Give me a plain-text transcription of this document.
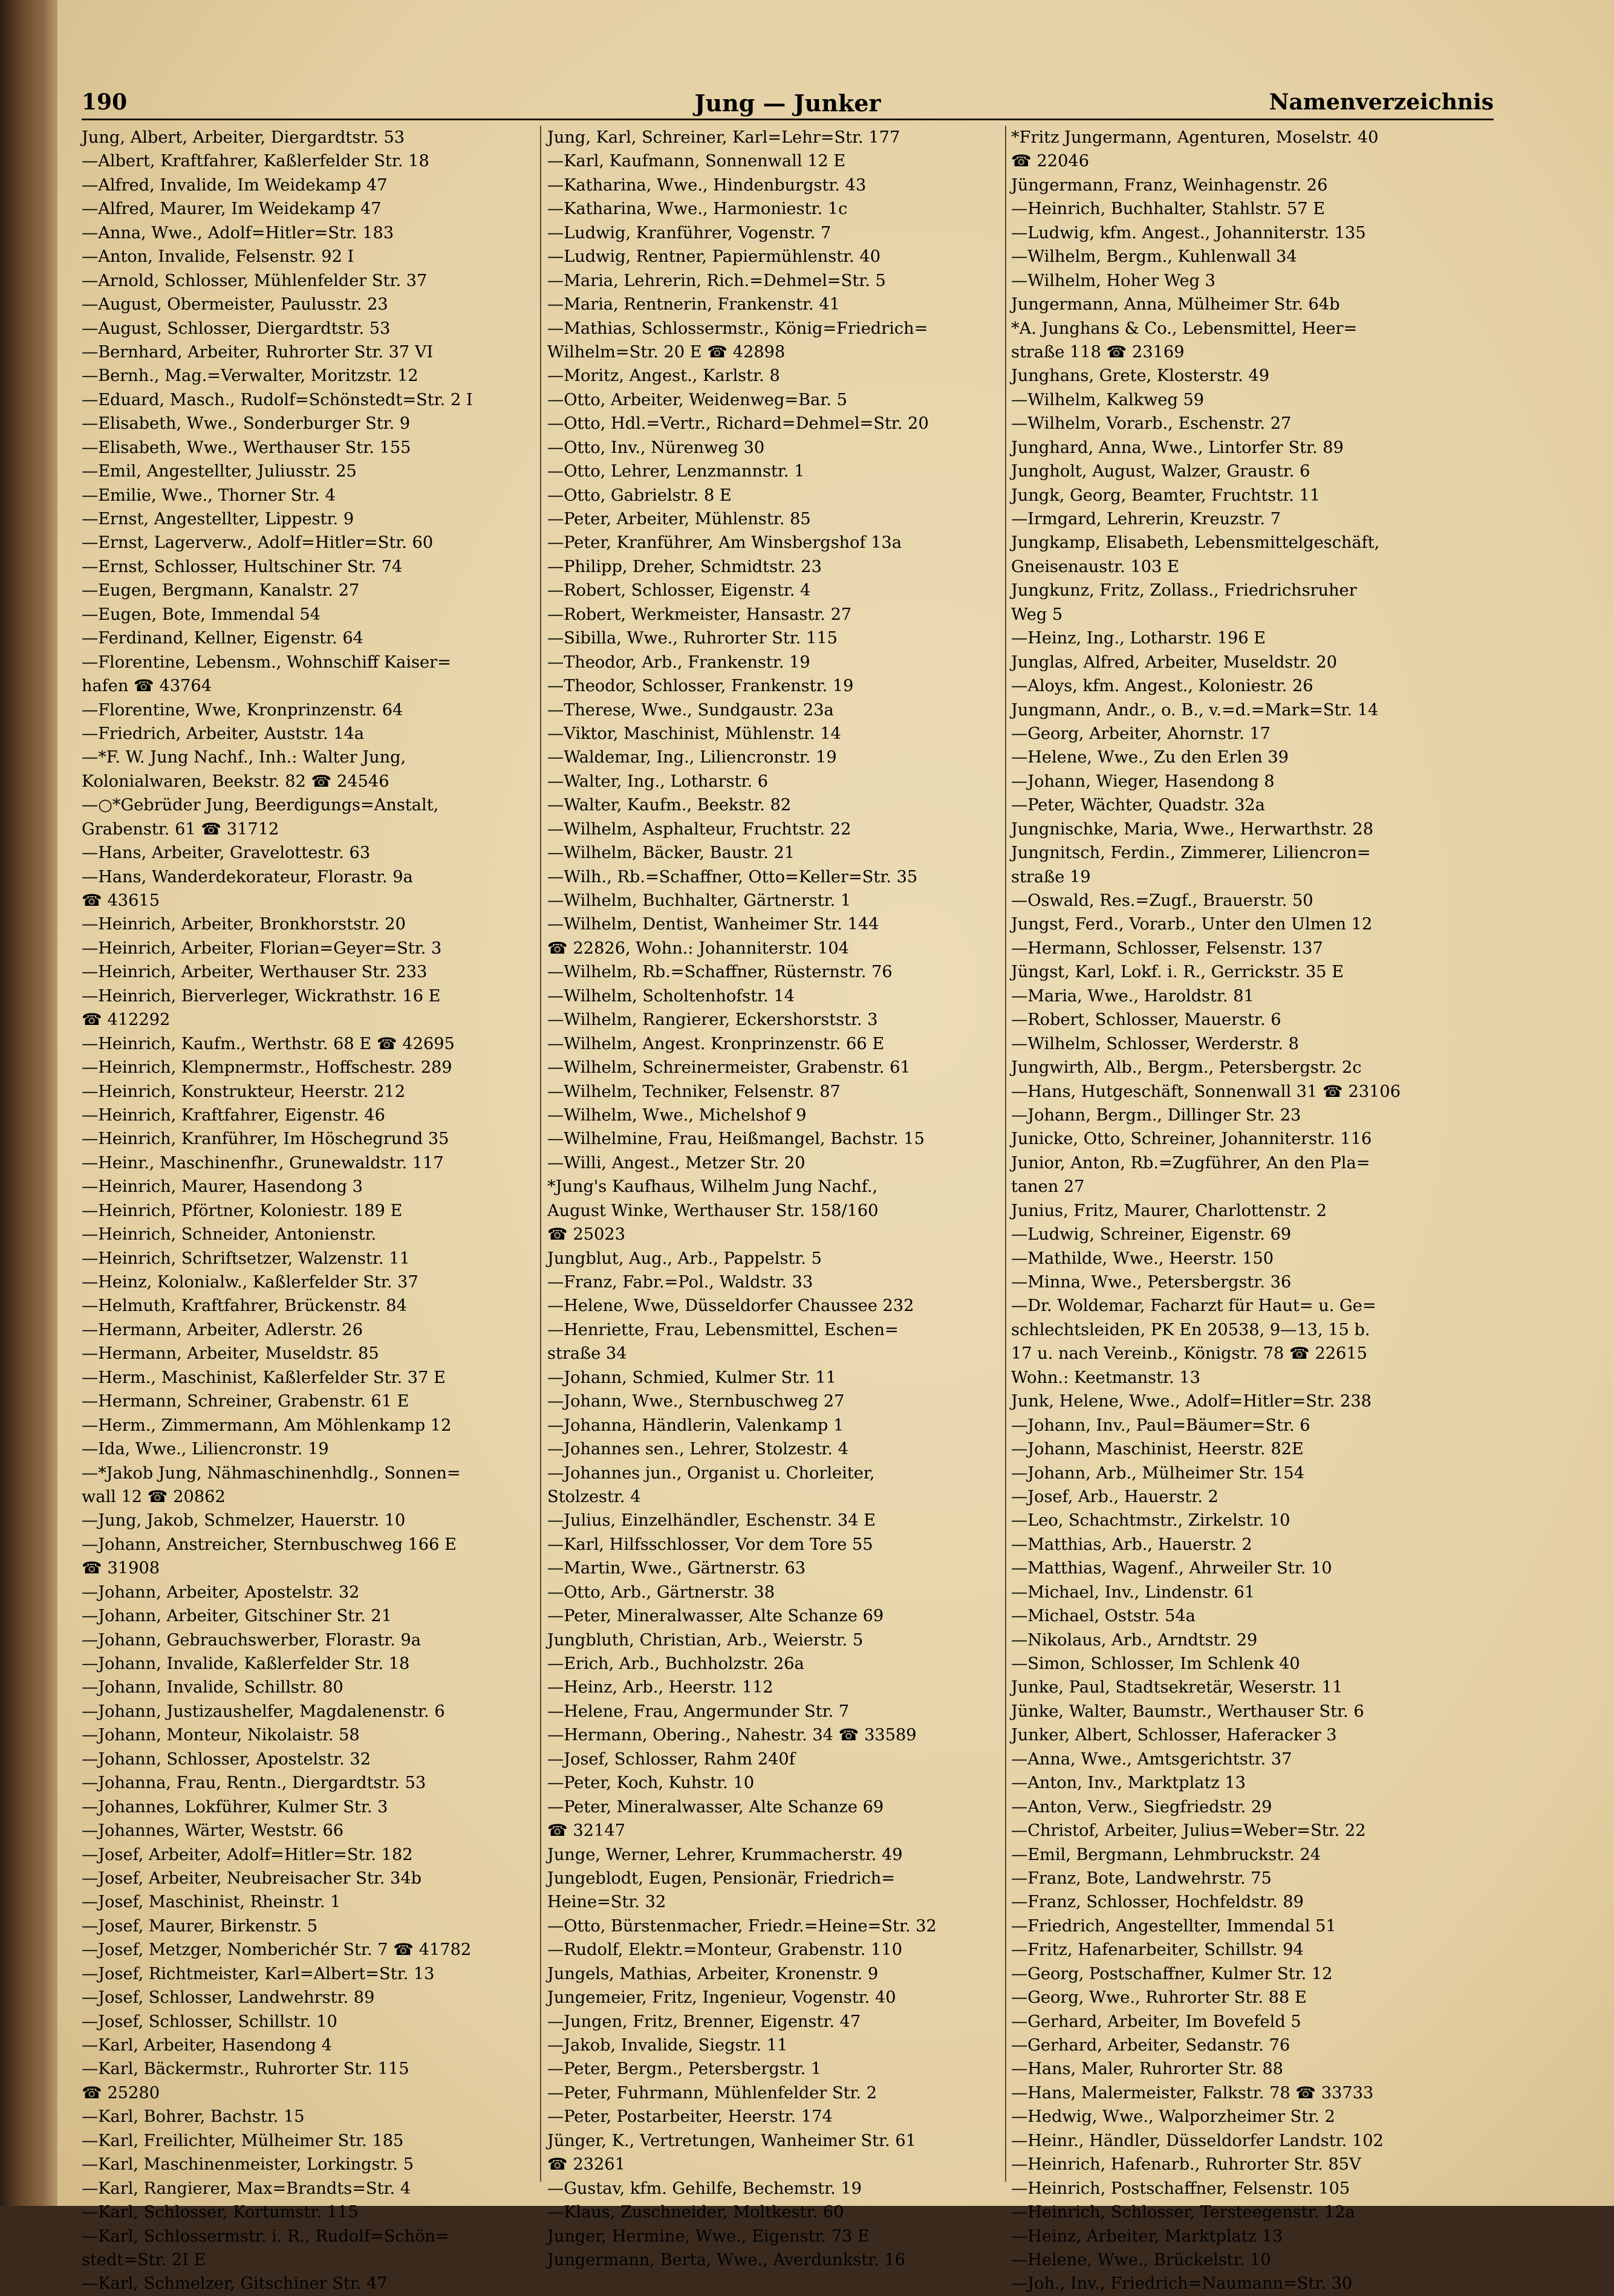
190	Jung — Junker	Namenverzeichnis
Jung, Albert, Arbeiter, Diergardtstr. 53
—Albert, Kraftfahrer, Kaßlerfelder Str. 18
—Alfred, Invalide, Im Weidekamp 47
—Alfred, Maurer, Im Weidekamp 47
—Anna, Wwe., Adolf=Hitler=Str. 183
—Anton, Invalide, Felsenstr. 92 I
—Arnold, Schlosser, Mühlenfelder Str. 37
—August, Obermeister, Paulusstr. 23
—August, Schlosser, Diergardtstr. 53
—Bernhard, Arbeiter, Ruhrorter Str. 37 VI
—Bernh., Mag.=Verwalter, Moritzstr. 12
—Eduard, Masch., Rudolf=Schönstedt=Str. 2 I
—Elisabeth, Wwe., Sonderburger Str. 9
—Elisabeth, Wwe., Werthauser Str. 155
—Emil, Angestellter, Juliusstr. 25
—Emilie, Wwe., Thorner Str. 4
—Ernst, Angestellter, Lippestr. 9
—Ernst, Lagerverw., Adolf=Hitler=Str. 60
—Ernst, Schlosser, Hultschiner Str. 74
—Eugen, Bergmann, Kanalstr. 27
—Eugen, Bote, Immendal 54
—Ferdinand, Kellner, Eigenstr. 64
—Florentine, Lebensm., Wohnschiff Kaiser=
hafen ☎ 43764
—Florentine, Wwe, Kronprinzenstr. 64
—Friedrich, Arbeiter, Auststr. 14a
—*F. W. Jung Nachf., Inh.: Walter Jung,
Kolonialwaren, Beekstr. 82 ☎ 24546
—○*Gebrüder Jung, Beerdigungs=Anstalt,
Grabenstr. 61 ☎ 31712
—Hans, Arbeiter, Gravelottestr. 63
—Hans, Wanderdekorateur, Florastr. 9a
☎ 43615
—Heinrich, Arbeiter, Bronkhorststr. 20
—Heinrich, Arbeiter, Florian=Geyer=Str. 3
—Heinrich, Arbeiter, Werthauser Str. 233
—Heinrich, Bierverleger, Wickrathstr. 16 E
☎ 412292
—Heinrich, Kaufm., Werthstr. 68 E ☎ 42695
—Heinrich, Klempnermstr., Hoffschestr. 289
—Heinrich, Konstrukteur, Heerstr. 212
—Heinrich, Kraftfahrer, Eigenstr. 46
—Heinrich, Kranführer, Im Höschegrund 35
—Heinr., Maschinenfhr., Grunewaldstr. 117
—Heinrich, Maurer, Hasendong 3
—Heinrich, Pförtner, Koloniestr. 189 E
—Heinrich, Schneider, Antonienstr.
—Heinrich, Schriftsetzer, Walzenstr. 11
—Heinz, Kolonialw., Kaßlerfelder Str. 37
—Helmuth, Kraftfahrer, Brückenstr. 84
—Hermann, Arbeiter, Adlerstr. 26
—Hermann, Arbeiter, Museldstr. 85
—Herm., Maschinist, Kaßlerfelder Str. 37 E
—Hermann, Schreiner, Grabenstr. 61 E
—Herm., Zimmermann, Am Möhlenkamp 12
—Ida, Wwe., Liliencronstr. 19
—*Jakob Jung, Nähmaschinenhdlg., Sonnen=
wall 12 ☎ 20862
—Jung, Jakob, Schmelzer, Hauerstr. 10
—Johann, Anstreicher, Sternbuschweg 166 E
☎ 31908
—Johann, Arbeiter, Apostelstr. 32
—Johann, Arbeiter, Gitschiner Str. 21
—Johann, Gebrauchswerber, Florastr. 9a
—Johann, Invalide, Kaßlerfelder Str. 18
—Johann, Invalide, Schillstr. 80
—Johann, Justizaushelfer, Magdalenenstr. 6
—Johann, Monteur, Nikolaistr. 58
—Johann, Schlosser, Apostelstr. 32
—Johanna, Frau, Rentn., Diergardtstr. 53
—Johannes, Lokführer, Kulmer Str. 3
—Johannes, Wärter, Weststr. 66
—Josef, Arbeiter, Adolf=Hitler=Str. 182
—Josef, Arbeiter, Neubreisacher Str. 34b
—Josef, Maschinist, Rheinstr. 1
—Josef, Maurer, Birkenstr. 5
—Josef, Metzger, Nomberichér Str. 7 ☎ 41782
—Josef, Richtmeister, Karl=Albert=Str. 13
—Josef, Schlosser, Landwehrstr. 89
—Josef, Schlosser, Schillstr. 10
—Karl, Arbeiter, Hasendong 4
—Karl, Bäckermstr., Ruhrorter Str. 115
☎ 25280
—Karl, Bohrer, Bachstr. 15
—Karl, Freilichter, Mülheimer Str. 185
—Karl, Maschinenmeister, Lorkingstr. 5
—Karl, Rangierer, Max=Brandts=Str. 4
—Karl, Schlosser, Kortumstr. 115
—Karl, Schlossermstr. i. R., Rudolf=Schön=
stedt=Str. 2I E
—Karl, Schmelzer, Gitschiner Str. 47
Jung, Karl, Schreiner, Karl=Lehr=Str. 177
—Karl, Kaufmann, Sonnenwall 12 E
—Katharina, Wwe., Hindenburgstr. 43
—Katharina, Wwe., Harmoniestr. 1c
—Ludwig, Kranführer, Vogenstr. 7
—Ludwig, Rentner, Papiermühlenstr. 40
—Maria, Lehrerin, Rich.=Dehmel=Str. 5
—Maria, Rentnerin, Frankenstr. 41
—Mathias, Schlossermstr., König=Friedrich=
Wilhelm=Str. 20 E ☎ 42898
—Moritz, Angest., Karlstr. 8
—Otto, Arbeiter, Weidenweg=Bar. 5
—Otto, Hdl.=Vertr., Richard=Dehmel=Str. 20
—Otto, Inv., Nürenweg 30
—Otto, Lehrer, Lenzmannstr. 1
—Otto, Gabrielstr. 8 E
—Peter, Arbeiter, Mühlenstr. 85
—Peter, Kranführer, Am Winsbergshof 13a
—Philipp, Dreher, Schmidtstr. 23
—Robert, Schlosser, Eigenstr. 4
—Robert, Werkmeister, Hansastr. 27
—Sibilla, Wwe., Ruhrorter Str. 115
—Theodor, Arb., Frankenstr. 19
—Theodor, Schlosser, Frankenstr. 19
—Therese, Wwe., Sundgaustr. 23a
—Viktor, Maschinist, Mühlenstr. 14
—Waldemar, Ing., Liliencronstr. 19
—Walter, Ing., Lotharstr. 6
—Walter, Kaufm., Beekstr. 82
—Wilhelm, Asphalteur, Fruchtstr. 22
—Wilhelm, Bäcker, Baustr. 21
—Wilh., Rb.=Schaffner, Otto=Keller=Str. 35
—Wilhelm, Buchhalter, Gärtnerstr. 1
—Wilhelm, Dentist, Wanheimer Str. 144
☎ 22826, Wohn.: Johanniterstr. 104
—Wilhelm, Rb.=Schaffner, Rüsternstr. 76
—Wilhelm, Scholtenhofstr. 14
—Wilhelm, Rangierer, Eckershorststr. 3
—Wilhelm, Angest. Kronprinzenstr. 66 E
—Wilhelm, Schreinermeister, Grabenstr. 61
—Wilhelm, Techniker, Felsenstr. 87
—Wilhelm, Wwe., Michelshof 9
—Wilhelmine, Frau, Heißmangel, Bachstr. 15
—Willi, Angest., Metzer Str. 20
*Jung's Kaufhaus, Wilhelm Jung Nachf.,
August Winke, Werthauser Str. 158/160
☎ 25023
Jungblut, Aug., Arb., Pappelstr. 5
—Franz, Fabr.=Pol., Waldstr. 33
—Helene, Wwe, Düsseldorfer Chaussee 232
—Henriette, Frau, Lebensmittel, Eschen=
straße 34
—Johann, Schmied, Kulmer Str. 11
—Johann, Wwe., Sternbuschweg 27
—Johanna, Händlerin, Valenkamp 1
—Johannes sen., Lehrer, Stolzestr. 4
—Johannes jun., Organist u. Chorleiter,
Stolzestr. 4
—Julius, Einzelhändler, Eschenstr. 34 E
—Karl, Hilfsschlosser, Vor dem Tore 55
—Martin, Wwe., Gärtnerstr. 63
—Otto, Arb., Gärtnerstr. 38
—Peter, Mineralwasser, Alte Schanze 69
Jungbluth, Christian, Arb., Weierstr. 5
—Erich, Arb., Buchholzstr. 26a
—Heinz, Arb., Heerstr. 112
—Helene, Frau, Angermunder Str. 7
—Hermann, Obering., Nahestr. 34 ☎ 33589
—Josef, Schlosser, Rahm 240f
—Peter, Koch, Kuhstr. 10
—Peter, Mineralwasser, Alte Schanze 69
☎ 32147
Junge, Werner, Lehrer, Krummacherstr. 49
Jungeblodt, Eugen, Pensionär, Friedrich=
Heine=Str. 32
—Otto, Bürstenmacher, Friedr.=Heine=Str. 32
—Rudolf, Elektr.=Monteur, Grabenstr. 110
Jungels, Mathias, Arbeiter, Kronenstr. 9
Jungemeier, Fritz, Ingenieur, Vogenstr. 40
—Jungen, Fritz, Brenner, Eigenstr. 47
—Jakob, Invalide, Siegstr. 11
—Peter, Bergm., Petersbergstr. 1
—Peter, Fuhrmann, Mühlenfelder Str. 2
—Peter, Postarbeiter, Heerstr. 174
Jünger, K., Vertretungen, Wanheimer Str. 61
☎ 23261
—Gustav, kfm. Gehilfe, Bechemstr. 19
—Klaus, Zuschneider, Moltkestr. 60
Junger, Hermine, Wwe., Eigenstr. 73 E
Jungermann, Berta, Wwe., Averdunkstr. 16
*Fritz Jungermann, Agenturen, Moselstr. 40
☎ 22046
Jüngermann, Franz, Weinhagenstr. 26
—Heinrich, Buchhalter, Stahlstr. 57 E
—Ludwig, kfm. Angest., Johanniterstr. 135
—Wilhelm, Bergm., Kuhlenwall 34
—Wilhelm, Hoher Weg 3
Jungermann, Anna, Mülheimer Str. 64b
*A. Junghans & Co., Lebensmittel, Heer=
straße 118 ☎ 23169
Junghans, Grete, Klosterstr. 49
—Wilhelm, Kalkweg 59
—Wilhelm, Vorarb., Eschenstr. 27
Junghard, Anna, Wwe., Lintorfer Str. 89
Jungholt, August, Walzer, Graustr. 6
Jungk, Georg, Beamter, Fruchtstr. 11
—Irmgard, Lehrerin, Kreuzstr. 7
Jungkamp, Elisabeth, Lebensmittelgeschäft,
Gneisenaustr. 103 E
Jungkunz, Fritz, Zollass., Friedrichsruher
Weg 5
—Heinz, Ing., Lotharstr. 196 E
Junglas, Alfred, Arbeiter, Museldstr. 20
—Aloys, kfm. Angest., Koloniestr. 26
Jungmann, Andr., o. B., v.=d.=Mark=Str. 14
—Georg, Arbeiter, Ahornstr. 17
—Helene, Wwe., Zu den Erlen 39
—Johann, Wieger, Hasendong 8
—Peter, Wächter, Quadstr. 32a
Jungnischke, Maria, Wwe., Herwarthstr. 28
Jungnitsch, Ferdin., Zimmerer, Liliencron=
straße 19
—Oswald, Res.=Zugf., Brauerstr. 50
Jungst, Ferd., Vorarb., Unter den Ulmen 12
—Hermann, Schlosser, Felsenstr. 137
Jüngst, Karl, Lokf. i. R., Gerrickstr. 35 E
—Maria, Wwe., Haroldstr. 81
—Robert, Schlosser, Mauerstr. 6
—Wilhelm, Schlosser, Werderstr. 8
Jungwirth, Alb., Bergm., Petersbergstr. 2c
—Hans, Hutgeschäft, Sonnenwall 31 ☎ 23106
—Johann, Bergm., Dillinger Str. 23
Junicke, Otto, Schreiner, Johanniterstr. 116
Junior, Anton, Rb.=Zugführer, An den Pla=
tanen 27
Junius, Fritz, Maurer, Charlottenstr. 2
—Ludwig, Schreiner, Eigenstr. 69
—Mathilde, Wwe., Heerstr. 150
—Minna, Wwe., Petersbergstr. 36
—Dr. Woldemar, Facharzt für Haut= u. Ge=
schlechtsleiden, PK En 20538, 9—13, 15 b.
17 u. nach Vereinb., Königstr. 78 ☎ 22615
Wohn.: Keetmanstr. 13
Junk, Helene, Wwe., Adolf=Hitler=Str. 238
—Johann, Inv., Paul=Bäumer=Str. 6
—Johann, Maschinist, Heerstr. 82E
—Johann, Arb., Mülheimer Str. 154
—Josef, Arb., Hauerstr. 2
—Leo, Schachtmstr., Zirkelstr. 10
—Matthias, Arb., Hauerstr. 2
—Matthias, Wagenf., Ahrweiler Str. 10
—Michael, Inv., Lindenstr. 61
—Michael, Oststr. 54a
—Nikolaus, Arb., Arndtstr. 29
—Simon, Schlosser, Im Schlenk 40
Junke, Paul, Stadtsekretär, Weserstr. 11
Jünke, Walter, Baumstr., Werthauser Str. 6
Junker, Albert, Schlosser, Haferacker 3
—Anna, Wwe., Amtsgerichtstr. 37
—Anton, Inv., Marktplatz 13
—Anton, Verw., Siegfriedstr. 29
—Christof, Arbeiter, Julius=Weber=Str. 22
—Emil, Bergmann, Lehmbruckstr. 24
—Franz, Bote, Landwehrstr. 75
—Franz, Schlosser, Hochfeldstr. 89
—Friedrich, Angestellter, Immendal 51
—Fritz, Hafenarbeiter, Schillstr. 94
—Georg, Postschaffner, Kulmer Str. 12
—Georg, Wwe., Ruhrorter Str. 88 E
—Gerhard, Arbeiter, Im Bovefeld 5
—Gerhard, Arbeiter, Sedanstr. 76
—Hans, Maler, Ruhrorter Str. 88
—Hans, Malermeister, Falkstr. 78 ☎ 33733
—Hedwig, Wwe., Walporzheimer Str. 2
—Heinr., Händler, Düsseldorfer Landstr. 102
—Heinrich, Hafenarb., Ruhrorter Str. 85V
—Heinrich, Postschaffner, Felsenstr. 105
—Heinrich, Schlosser, Tersteegenstr. 12a
—Heinz, Arbeiter, Marktplatz 13
—Helene, Wwe., Brückelstr. 10
—Joh., Inv., Friedrich=Naumann=Str. 30
